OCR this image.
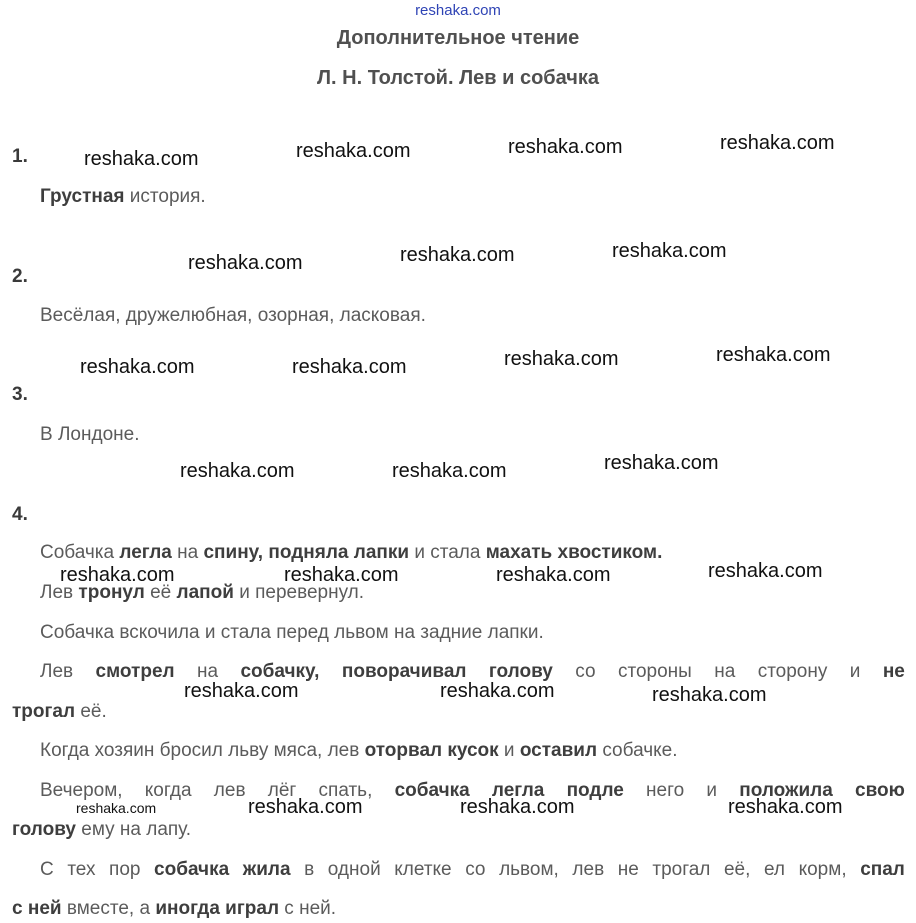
reshaka.com
Дополнительное чтение
Л. Н. Толстой. Лев и собачка
1.
Грустная история.
2.
Весёлая, дружелюбная, озорная, ласковая.
3.
В Лондоне.
4.
Собачка легла на спину, подняла лапки и стала махать хвостиком.
Лев тронул её лапой и перевернул.
Собачка вскочила и стала перед львом на задние лапки.
Лев смотрел на собачку, поворачивал голову со стороны на сторону и не
трогал её.
Когда хозяин бросил льву мяса, лев оторвал кусок и оставил собачке.
Вечером, когда лев лёг спать, собачка легла подле него и положила свою
голову ему на лапу.
С тех пор собачка жила в одной клетке со львом, лев не трогал её, ел корм, спал
с ней вместе, а иногда играл с ней.
reshaka.com	reshaka.com	reshaka.com	reshaka.com
reshaka.com	reshaka.com	reshaka.com
reshaka.com	reshaka.com	reshaka.com	reshaka.com
reshaka.com	reshaka.com	reshaka.com
reshaka.com	reshaka.com	reshaka.com	reshaka.com
reshaka.com	reshaka.com	reshaka.com
reshaka.com	reshaka.com	reshaka.com	reshaka.com
